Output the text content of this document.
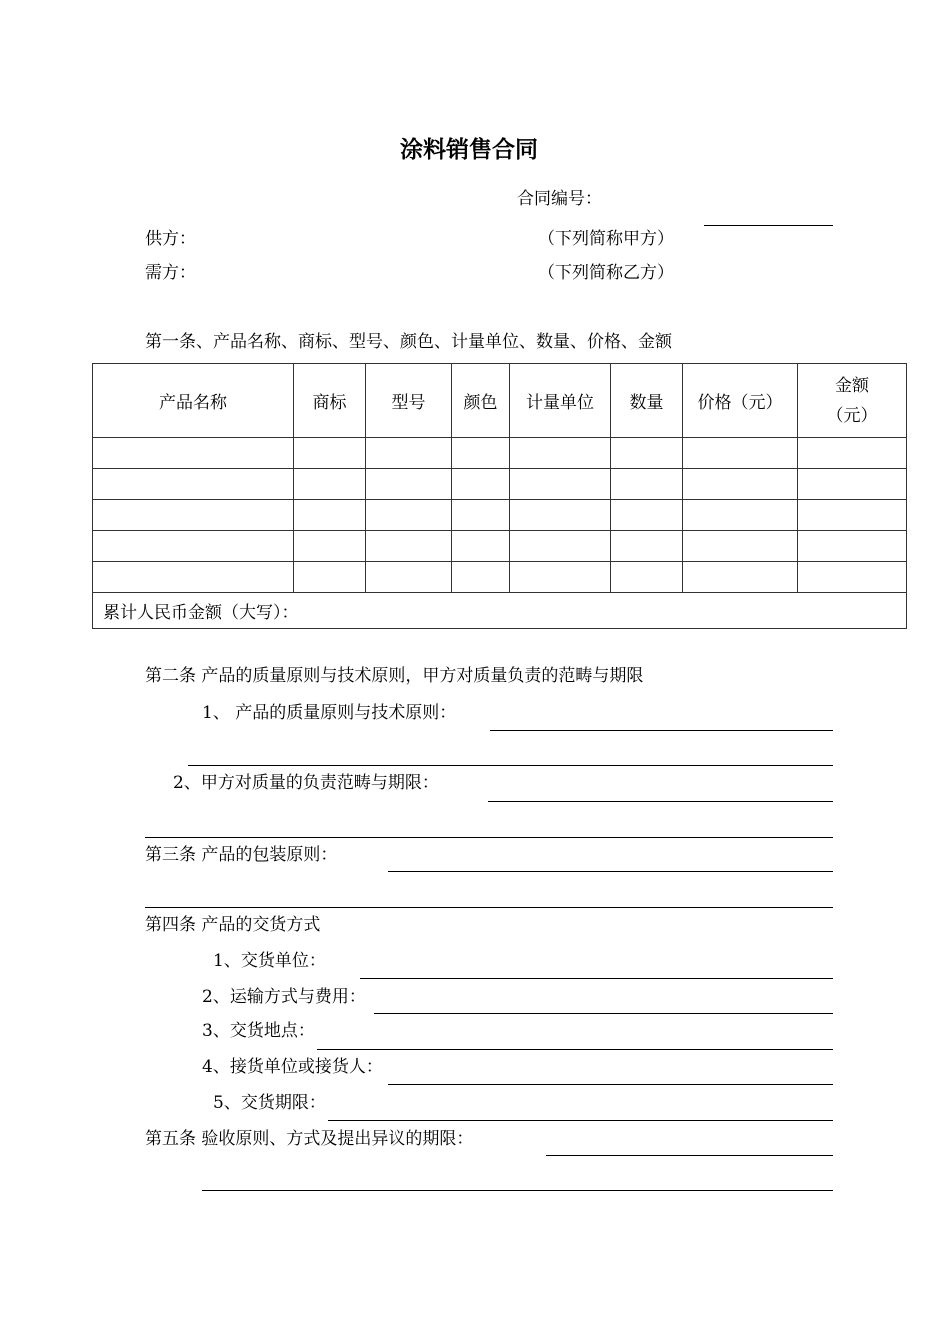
涂料销售合同
合同编号：
供方：	（下列简称甲方）
需方：	（下列简称乙方）
第一条、产品名称、商标、型号、颜色、计量单位、数量、价格、金额
产品名称	商标	型号	颜色	计量单位	数量	价格（元）	金额
（元）

累计人民币金额（大写）：							
第二条 产品的质量原则与技术原则，甲方对质量负责的范畴与期限
1、 产品的质量原则与技术原则：
2、甲方对质量的负责范畴与期限：
第三条 产品的包装原则：
第四条 产品的交货方式
1、交货单位：
2、运输方式与费用：
3、交货地点：
4、接货单位或接货人：
5、交货期限：
第五条 验收原则、方式及提出异议的期限：
